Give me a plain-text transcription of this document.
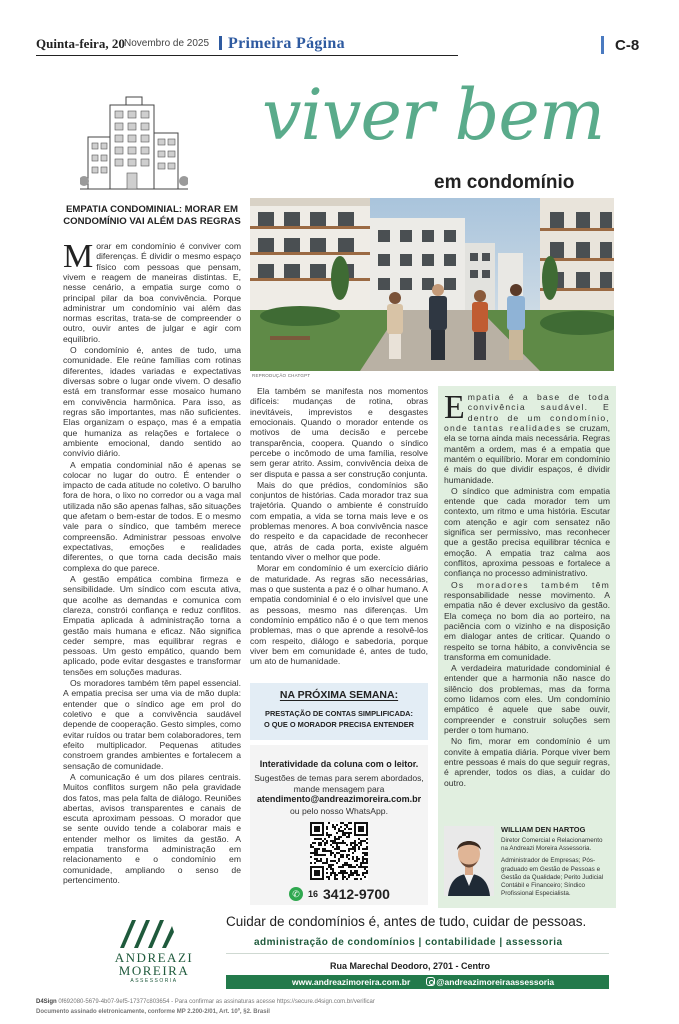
Quinta-feira, 20 Novembro de 2025 Primeira Página	C-8
viver bem
em condomínio
REPRODUÇÃO CHATGPT
EMPATIA CONDOMINIAL: MORAR EM CONDOMÍNIO VAI ALÉM DAS REGRAS

Morar em condomínio é conviver com diferenças. É dividir o mesmo espaço físico com pessoas que pensam, vivem e reagem de maneiras distintas. E, nesse cenário, a empatia surge como o principal pilar da boa convivência. Porque administrar um condomínio vai além das normas escritas, trata-se de compreender o outro, ouvir antes de julgar e agir com equilíbrio.

O condomínio é, antes de tudo, uma comunidade. Ele reúne famílias com rotinas diferentes, idades variadas e expectativas diversas sobre o lugar onde vivem. O desafio está em transformar esse mosaico humano em convivência harmônica. Para isso, as regras são importantes, mas não suficientes. Elas organizam o espaço, mas é a empatia que humaniza as relações e fortalece o ambiente emocional, dando sentido ao convívio diário.

A empatia condominial não é apenas se colocar no lugar do outro. É entender o impacto de cada atitude no coletivo. O barulho fora de hora, o lixo no corredor ou a vaga mal utilizada não são apenas falhas, são situações que afetam o bem-estar de todos. E o mesmo vale para o síndico, que também merece compreensão. Administrar pessoas envolve expectativas, emoções e realidades diferentes, o que torna cada decisão mais complexa do que parece.

A gestão empática combina firmeza e sensibilidade. Um síndico com escuta ativa, que acolhe as demandas e comunica com clareza, constrói confiança e reduz conflitos. Empatia aplicada à administração torna a gestão mais humana e eficaz. Não significa ceder sempre, mas equilibrar regras e pessoas. Um gesto empático, quando bem aplicado, pode evitar desgastes e transformar tensões em soluções maduras.

Os moradores também têm papel essencial. A empatia precisa ser uma via de mão dupla: entender que o síndico age em prol do coletivo e que a convivência saudável depende de cooperação. Gesto simples, como evitar ruídos ou tratar bem colaboradores, tem efeito multiplicador. Pequenas atitudes constroem grandes ambientes e fortalecem a sensação de comunidade.

A comunicação é um dos pilares centrais. Muitos conflitos surgem não pela gravidade dos fatos, mas pela falta de diálogo. Reuniões abertas, avisos transparentes e canais de escuta aproximam pessoas. O morador que se sente ouvido tende a colaborar mais e entender melhor os limites da gestão. A empatia transforma administração em relacionamento e o condomínio em comunidade, ampliando o senso de pertencimento.

Ela também se manifesta nos momentos difíceis: mudanças de rotina, obras inevitáveis, imprevistos e desgastes emocionais. Quando o morador entende os motivos de uma decisão e percebe transparência, coopera. Quando o síndico percebe o incômodo de uma família, resolve sem gerar atrito. Assim, convivência deixa de ser disputa e passa a ser construção conjunta.

Mais do que prédios, condomínios são conjuntos de histórias. Cada morador traz sua trajetória. Quando o ambiente é construído com empatia, a vida se torna mais leve e os problemas menores. A boa convivência nasce do respeito e da capacidade de reconhecer que, atrás de cada porta, existe alguém tentando viver o melhor que pode.

Morar em condomínio é um exercício diário de maturidade. As regras são necessárias, mas o que sustenta a paz é o olhar humano. A empatia condominial é o elo invisível que une as pessoas, mesmo nas diferenças. Um condomínio empático não é o que tem menos problemas, mas o que aprende a resolvê-los com respeito, diálogo e sabedoria, porque viver bem em comunidade é, antes de tudo, um ato de humanidade.

NA PRÓXIMA SEMANA:
PRESTAÇÃO DE CONTAS SIMPLIFICADA:
O QUE O MORADOR PRECISA ENTENDER
Interatividade da coluna com o leitor.
Sugestões de temas para serem abordados, mande mensagem para
atendimento@andreazimoreira.com.br
ou pelo nosso WhatsApp.
✆ 16 3412-9700

Empatia é a base de toda convivência saudável. E dentro de um condomínio, onde tantas realidades se cruzam, ela se torna ainda mais necessária. Regras mantêm a ordem, mas é a empatia que mantém o equilíbrio. Morar em condomínio é mais do que dividir espaços, é dividir humanidade.

O síndico que administra com empatia entende que cada morador tem um contexto, um ritmo e uma história. Escutar com atenção e agir com sensatez não significa ser permissivo, mas reconhecer que a gestão precisa equilibrar técnica e emoção. A empatia traz calma aos conflitos, aproxima pessoas e fortalece a confiança no processo administrativo.

Os moradores também têm responsabilidade nesse movimento. A empatia não é dever exclusivo da gestão. Ela começa no bom dia ao porteiro, na paciência com o vizinho e na disposição em dialogar antes de criticar. Quando o respeito se torna hábito, a convivência se transforma em comunidade.

A verdadeira maturidade condominial é entender que a harmonia não nasce do silêncio dos problemas, mas da forma como lidamos com eles. Um condomínio empático é aquele que sabe ouvir, compreender e construir soluções sem perder o tom humano.

No fim, morar em condomínio é um convite à empatia diária. Porque viver bem entre pessoas é mais do que seguir regras, é aprender, todos os dias, a cuidar do outro.

WILLIAM DEN HARTOG
Diretor Comercial e Relacionamento na Andreazi Moreira Assessoria.
Administrador de Empresas; Pós-graduado em Gestão de Pessoas e Gestão da Qualidade; Perito Judicial Contábil e Financeiro; Síndico Profissional Especialista.
ANDREAZI
MOREIRA
ASSESSORIA
Cuidar de condomínios é, antes de tudo, cuidar de pessoas.
administração de condomínios | contabilidade | assessoria
Rua Marechal Deodoro, 2701 - Centro
www.andreazimoreira.com.br	@andreazimoreiraassessoria
D4Sign 0f692080-5679-4b07-9ef5-17377c803654 - Para confirmar as assinaturas acesse https://secure.d4sign.com.br/verificar
Documento assinado eletronicamente, conforme MP 2.200-2/01, Art. 10º, §2. Brasil
